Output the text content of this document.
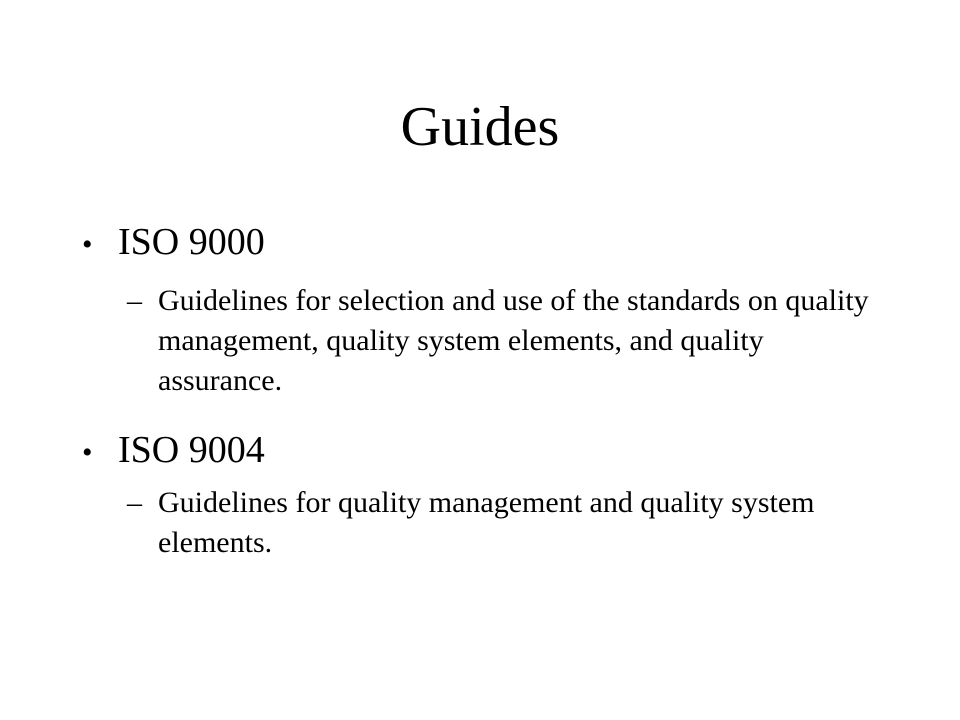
Guides
• ISO 9000
– Guidelines for selection and use of the standards on quality management, quality system elements, and quality assurance.
• ISO 9004
– Guidelines for quality management and quality system elements.
